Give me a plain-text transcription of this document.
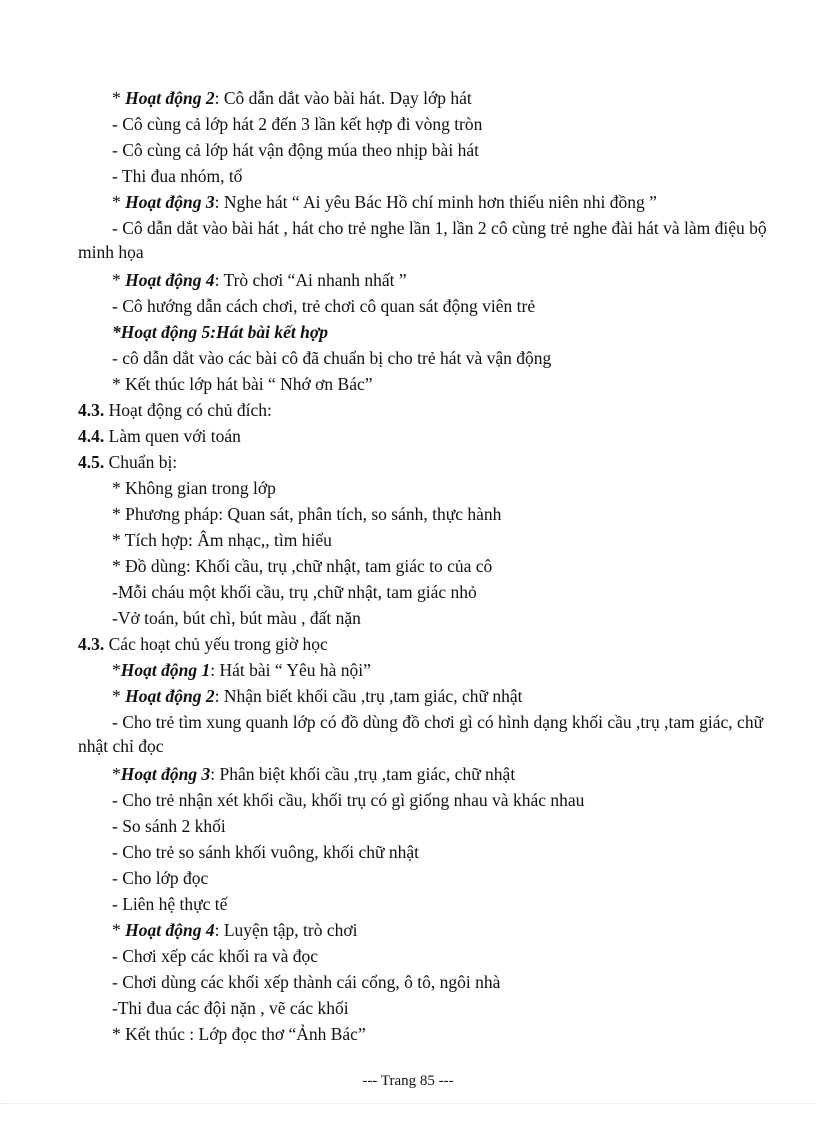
* Hoạt động 2: Cô dẫn dắt vào bài hát. Dạy lớp hát
- Cô cùng cả lớp hát 2 đến 3 lần kết hợp đi vòng tròn
- Cô cùng cả lớp hát vận động múa theo nhịp bài hát
- Thi đua nhóm, tổ
* Hoạt động 3: Nghe hát “ Ai yêu Bác Hồ chí minh hơn thiếu niên nhi đồng ”
- Cô dẫn dắt vào bài hát , hát cho trẻ nghe lần 1, lần 2 cô cùng trẻ nghe đài hát và làm điệu bộ minh họa
* Hoạt động 4: Trò chơi “Ai nhanh nhất ”
- Cô hướng dẫn cách chơi, trẻ chơi cô quan sát động viên trẻ
*Hoạt động 5:Hát bài kết hợp
- cô dẫn dắt vào các bài cô đã chuẩn bị cho trẻ hát và vận động
* Kết thúc lớp hát bài “ Nhớ ơn Bác”
4.3. Hoạt động có chủ đích:
4.4. Làm quen với toán
4.5. Chuẩn bị:
* Không gian trong lớp
* Phương pháp: Quan sát, phân tích, so sánh, thực hành
* Tích hợp: Âm nhạc,, tìm hiểu
* Đồ dùng: Khối cầu, trụ ,chữ nhật, tam giác to của cô
-Mỗi cháu một khối cầu, trụ ,chữ nhật, tam giác nhỏ
-Vở toán, bút chì, bút màu , đất nặn
4.3. Các hoạt chủ yếu trong giờ học
*Hoạt động 1: Hát bài “ Yêu hà nội”
* Hoạt động 2: Nhận biết khối cầu ,trụ ,tam giác, chữ nhật
- Cho trẻ tìm xung quanh lớp có đồ dùng đồ chơi gì có hình dạng khối cầu ,trụ ,tam giác, chữ nhật chỉ đọc
*Hoạt động 3: Phân biệt khối cầu ,trụ ,tam giác, chữ nhật
- Cho trẻ nhận xét khối cầu, khối trụ có gì giống nhau và khác nhau
- So sánh 2 khối
- Cho trẻ so sánh khối vuông, khối chữ nhật
- Cho lớp đọc
- Liên hệ thực tế
* Hoạt động 4: Luyện tập, trò chơi
- Chơi xếp các khối ra và đọc
- Chơi dùng các khối xếp thành cái cổng, ô tô, ngôi nhà
-Thi đua các đội nặn , vẽ các khối
* Kết thúc : Lớp đọc thơ “Ảnh Bác”
--- Trang 85 ---
